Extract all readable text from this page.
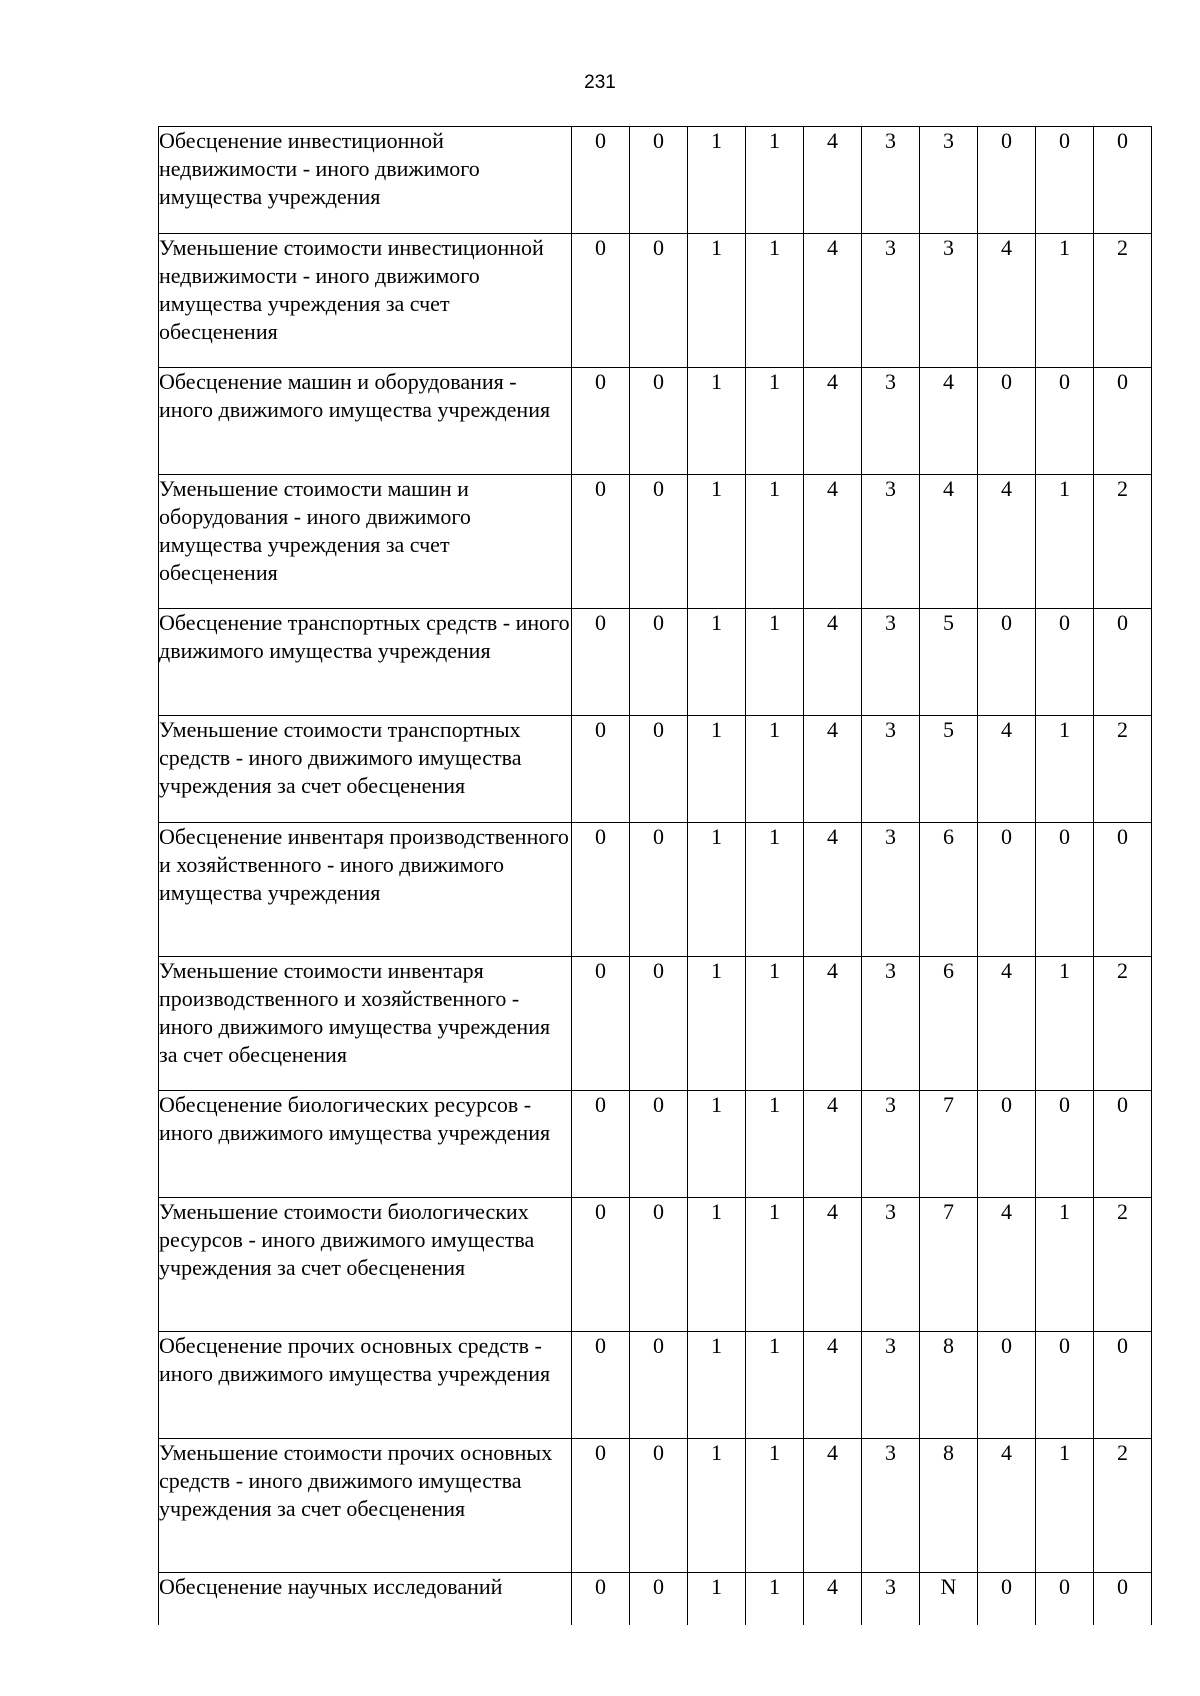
231
Обесценение инвестиционной недвижимости - иного движимого имущества учреждения	0	0	1	1	4	3	3	0	0	0
Уменьшение стоимости инвестиционной недвижимости - иного движимого имущества учреждения за счет обесценения	0	0	1	1	4	3	3	4	1	2
Обесценение машин и оборудования - иного движимого имущества учреждения	0	0	1	1	4	3	4	0	0	0
Уменьшение стоимости машин и оборудования - иного движимого имущества учреждения за счет обесценения	0	0	1	1	4	3	4	4	1	2
Обесценение транспортных средств - иного движимого имущества учреждения	0	0	1	1	4	3	5	0	0	0
Уменьшение стоимости транспортных средств - иного движимого имущества учреждения за счет обесценения	0	0	1	1	4	3	5	4	1	2
Обесценение инвентаря производственного и хозяйственного - иного движимого имущества учреждения	0	0	1	1	4	3	6	0	0	0
Уменьшение стоимости инвентаря производственного и хозяйственного - иного движимого имущества учреждения за счет обесценения	0	0	1	1	4	3	6	4	1	2
Обесценение биологических ресурсов - иного движимого имущества учреждения	0	0	1	1	4	3	7	0	0	0
Уменьшение стоимости биологических ресурсов - иного движимого имущества учреждения за счет обесценения	0	0	1	1	4	3	7	4	1	2
Обесценение прочих основных средств - иного движимого имущества учреждения	0	0	1	1	4	3	8	0	0	0
Уменьшение стоимости прочих основных средств - иного движимого имущества учреждения за счет обесценения	0	0	1	1	4	3	8	4	1	2
Обесценение научных исследований	0	0	1	1	4	3	N	0	0	0
